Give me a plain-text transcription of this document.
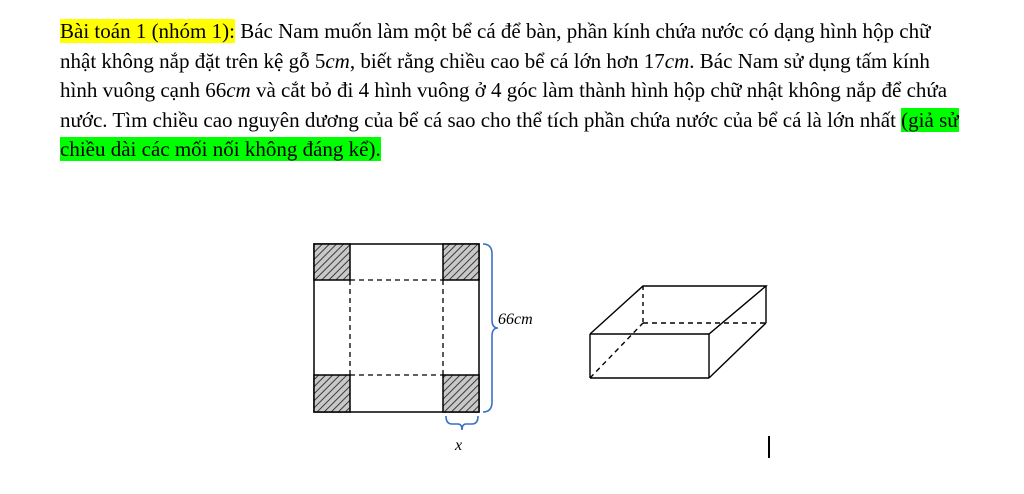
Bài toán 1 (nhóm 1): Bác Nam muốn làm một bể cá để bàn, phần kính chứa nước có dạng hình hộp chữ nhật không nắp đặt trên kệ gỗ 5cm, biết rằng chiều cao bể cá lớn hơn 17cm. Bác Nam sử dụng tấm kính hình vuông cạnh 66cm và cắt bỏ đi 4 hình vuông ở 4 góc làm thành hình hộp chữ nhật không nắp để chứa nước. Tìm chiều cao nguyên dương của bể cá sao cho thể tích phần chứa nước của bể cá là lớn nhất (giả sử chiều dài các mối nối không đáng kể).
66cm
x
